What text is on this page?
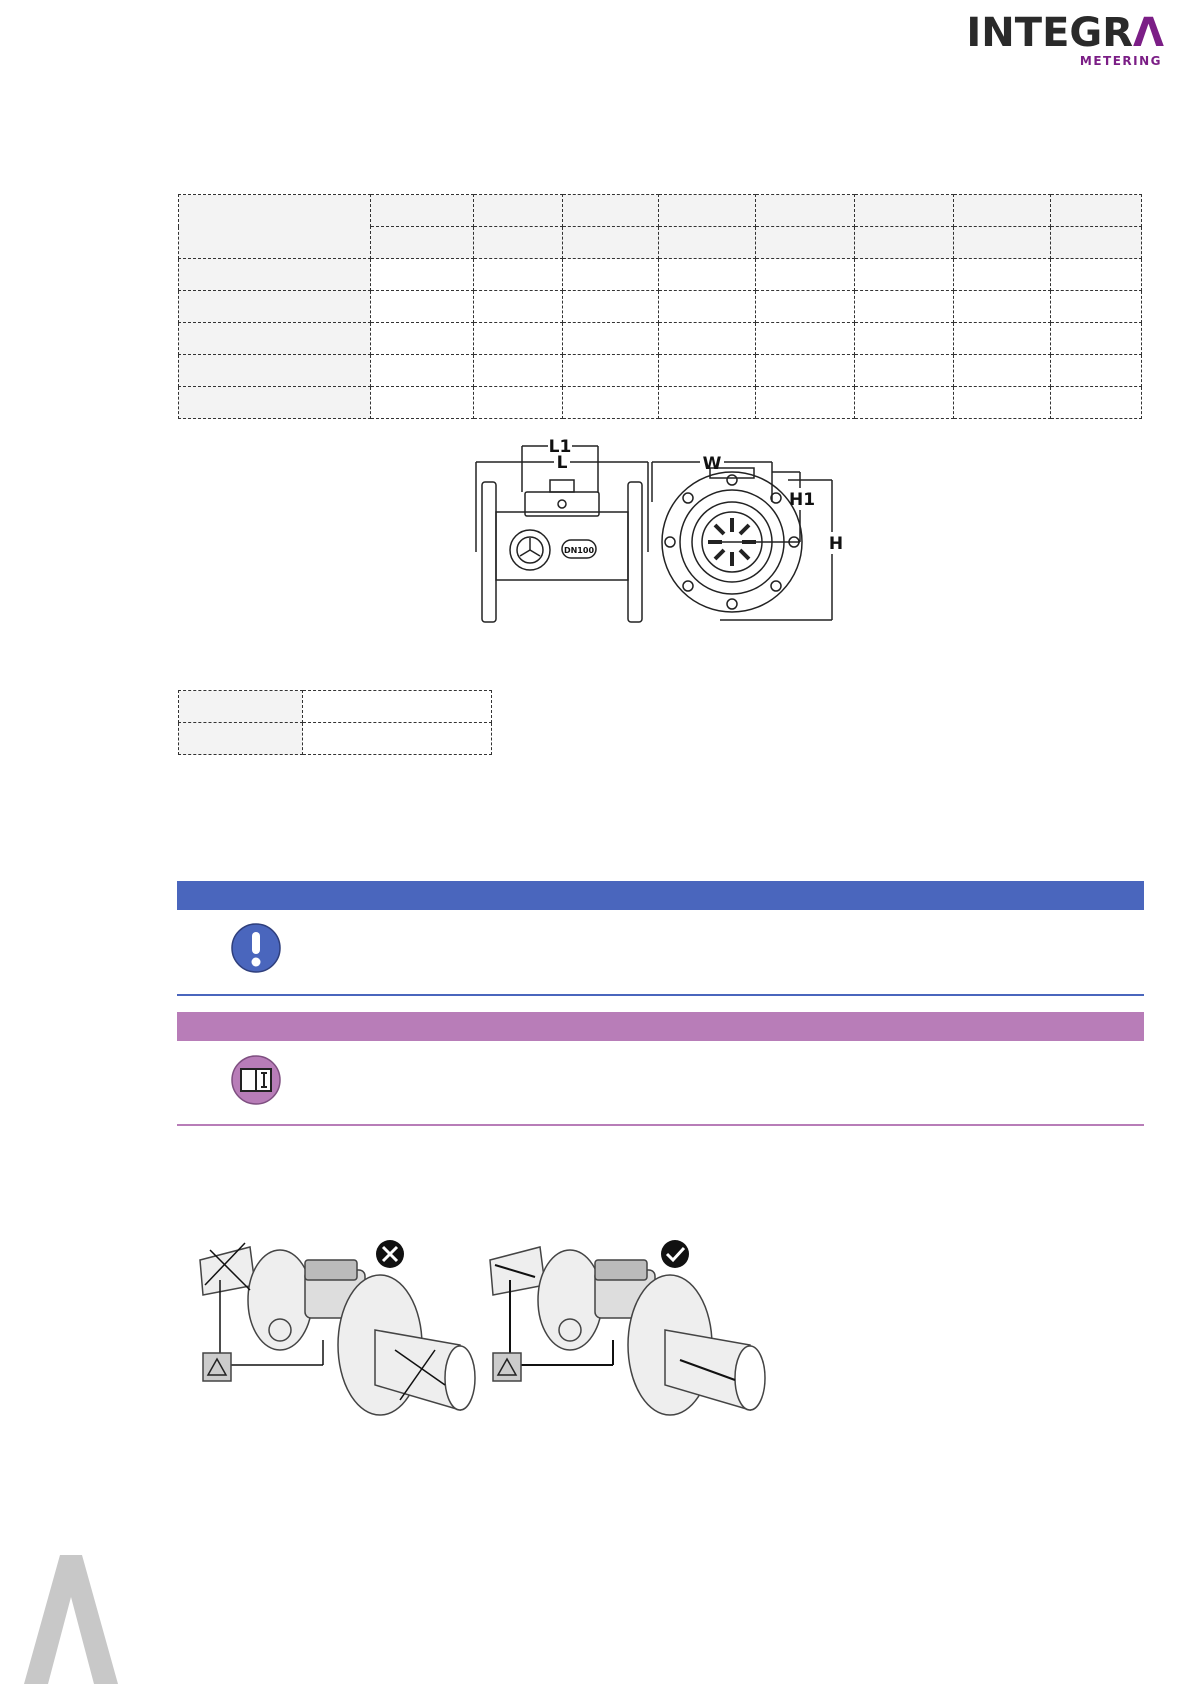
INTEGRΛ
METERING

L1
L	W
H1
H
DN100
